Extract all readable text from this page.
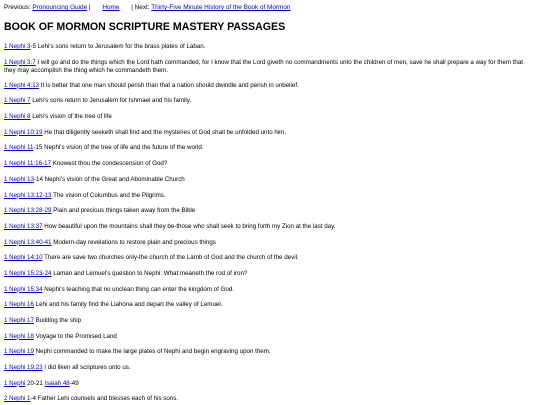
Previous: Pronouncing Guide | Home | Next: Thirty-Five Minute History of the Book of Mormon
BOOK OF MORMON SCRIPTURE MASTERY PASSAGES
1 Nephi 3-5 Lehi's sons return to Jerusalem for the brass plates of Laban.
1 Nephi 3:7 I will go and do the things which the Lord hath commanded, for I know that the Lord giveth no commandments unto the children of men, save he shall prepare a way for them that they may accomplish the thing which he commandeth them.
1 Nephi 4:13 It is better that one man should perish than that a nation should dwindle and perish in unbelief.
1 Nephi 7 Lehi's sons return to Jerusalem for Ishmael and his family.
1 Nephi 8 Lehi's vision of the tree of life
1 Nephi 10:19 He that diligently seeketh shall find and the mysteries of God shall be unfolded unto him.
1 Nephi 11-15 Nephi's vision of the tree of life and the future of the world.
1 Nephi 11:16-17 Knowest thou the condescension of God?
1 Nephi 13-14 Nephi's vision of the Great and Abominable Church
1 Nephi 13:12-13 The vision of Columbus and the Pilgrims.
1 Nephi 13:28-29 Plain and precious things taken away from the Bible
1 Nephi 13:37 How beautiful upon the mountains shall they be-those who shall seek to bring forth my Zion at the last day.
1 Nephi 13:40-41 Modern-day revelations to restore plain and precious things
1 Nephi 14:10 There are save two churches only-the church of the Lamb of God and the church of the devil.
1 Nephi 15:23-24 Laman and Lemuel's question to Nephi: What meaneth the rod of iron?
1 Nephi 15:34 Nephi's teaching that no unclean thing can enter the kingdom of God.
1 Nephi 16 Lehi and his family find the Liahona and depart the valley of Lemuel.
1 Nephi 17 Building the ship
1 Nephi 18 Voyage to the Promised Land
1 Nephi 19 Nephi commanded to make the large plates of Nephi and begin engraving upon them.
1 Nephi 19:23 I did liken all scriptures unto us.
1 Nephi 20-21 Isaiah 48-49
2 Nephi 1-4 Father Lehi counsels and blesses each of his sons.
